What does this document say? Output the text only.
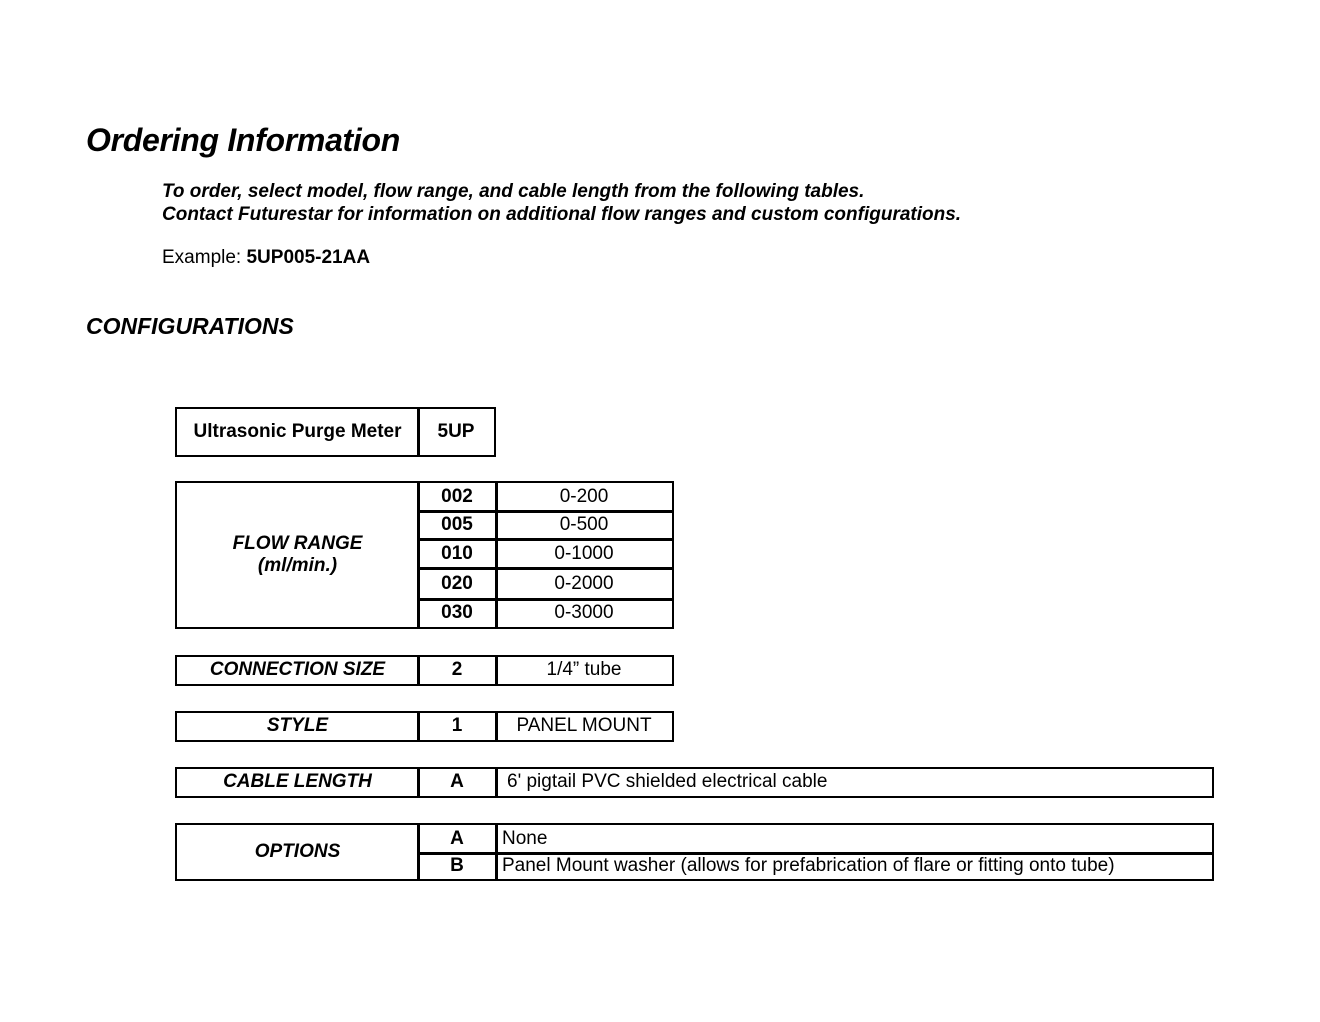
Ordering Information
To order, select model, flow range, and cable length from the following tables.
Contact Futurestar for information on additional flow ranges and custom configurations.
Example: 5UP005-21AA
CONFIGURATIONS
Ultrasonic Purge Meter	5UP
FLOW RANGE
(ml/min.)
002	0-200
005	0-500
010	0-1000
020	0-2000
030	0-3000
CONNECTION SIZE	2	1/4” tube
STYLE	1	PANEL MOUNT
CABLE LENGTH	A	6' pigtail PVC shielded electrical cable
OPTIONS
A	None
B	Panel Mount washer (allows for prefabrication of flare or fitting onto tube)
